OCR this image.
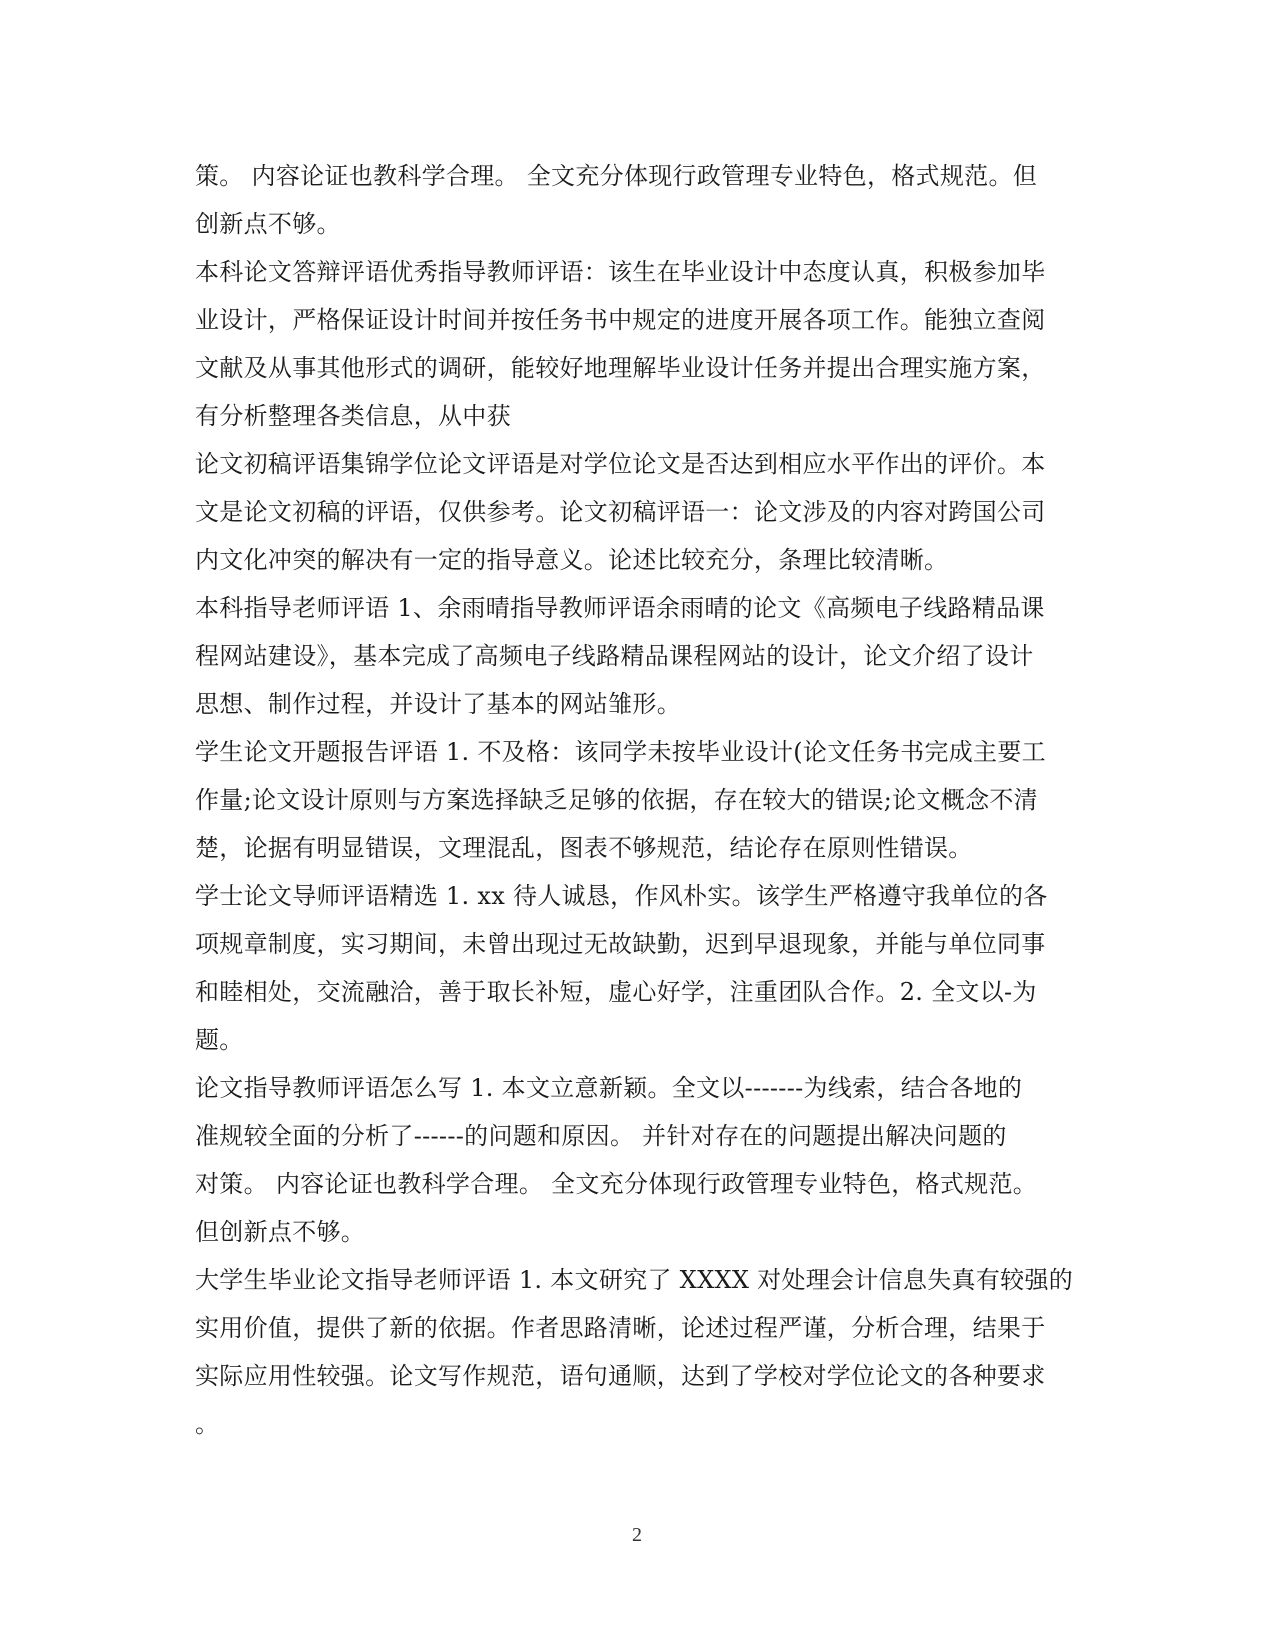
策。 内容论证也教科学合理。 全文充分体现行政管理专业特色，格式规范。但
创新点不够。
本科论文答辩评语优秀指导教师评语：该生在毕业设计中态度认真，积极参加毕
业设计，严格保证设计时间并按任务书中规定的进度开展各项工作。能独立查阅
文献及从事其他形式的调研，能较好地理解毕业设计任务并提出合理实施方案，
有分析整理各类信息，从中获
论文初稿评语集锦学位论文评语是对学位论文是否达到相应水平作出的评价。本
文是论文初稿的评语，仅供参考。论文初稿评语一：论文涉及的内容对跨国公司
内文化冲突的解决有一定的指导意义。论述比较充分，条理比较清晰。
本科指导老师评语 1、余雨晴指导教师评语余雨晴的论文《高频电子线路精品课
程网站建设》，基本完成了高频电子线路精品课程网站的设计，论文介绍了设计
思想、制作过程，并设计了基本的网站雏形。
学生论文开题报告评语 1. 不及格：该同学未按毕业设计(论文任务书完成主要工
作量;论文设计原则与方案选择缺乏足够的依据，存在较大的错误;论文概念不清
楚，论据有明显错误，文理混乱，图表不够规范，结论存在原则性错误。
学士论文导师评语精选 1. xx 待人诚恳，作风朴实。该学生严格遵守我单位的各
项规章制度，实习期间，未曾出现过无故缺勤，迟到早退现象，并能与单位同事
和睦相处，交流融洽，善于取长补短，虚心好学，注重团队合作。2. 全文以-为
题。
论文指导教师评语怎么写 1. 本文立意新颖。全文以-------为线索，结合各地的
准规较全面的分析了------的问题和原因。 并针对存在的问题提出解决问题的
对策。 内容论证也教科学合理。 全文充分体现行政管理专业特色，格式规范。
但创新点不够。
大学生毕业论文指导老师评语 1. 本文研究了 XXXX 对处理会计信息失真有较强的
实用价值，提供了新的依据。作者思路清晰，论述过程严谨，分析合理，结果于
实际应用性较强。论文写作规范，语句通顺，达到了学校对学位论文的各种要求
。
2
